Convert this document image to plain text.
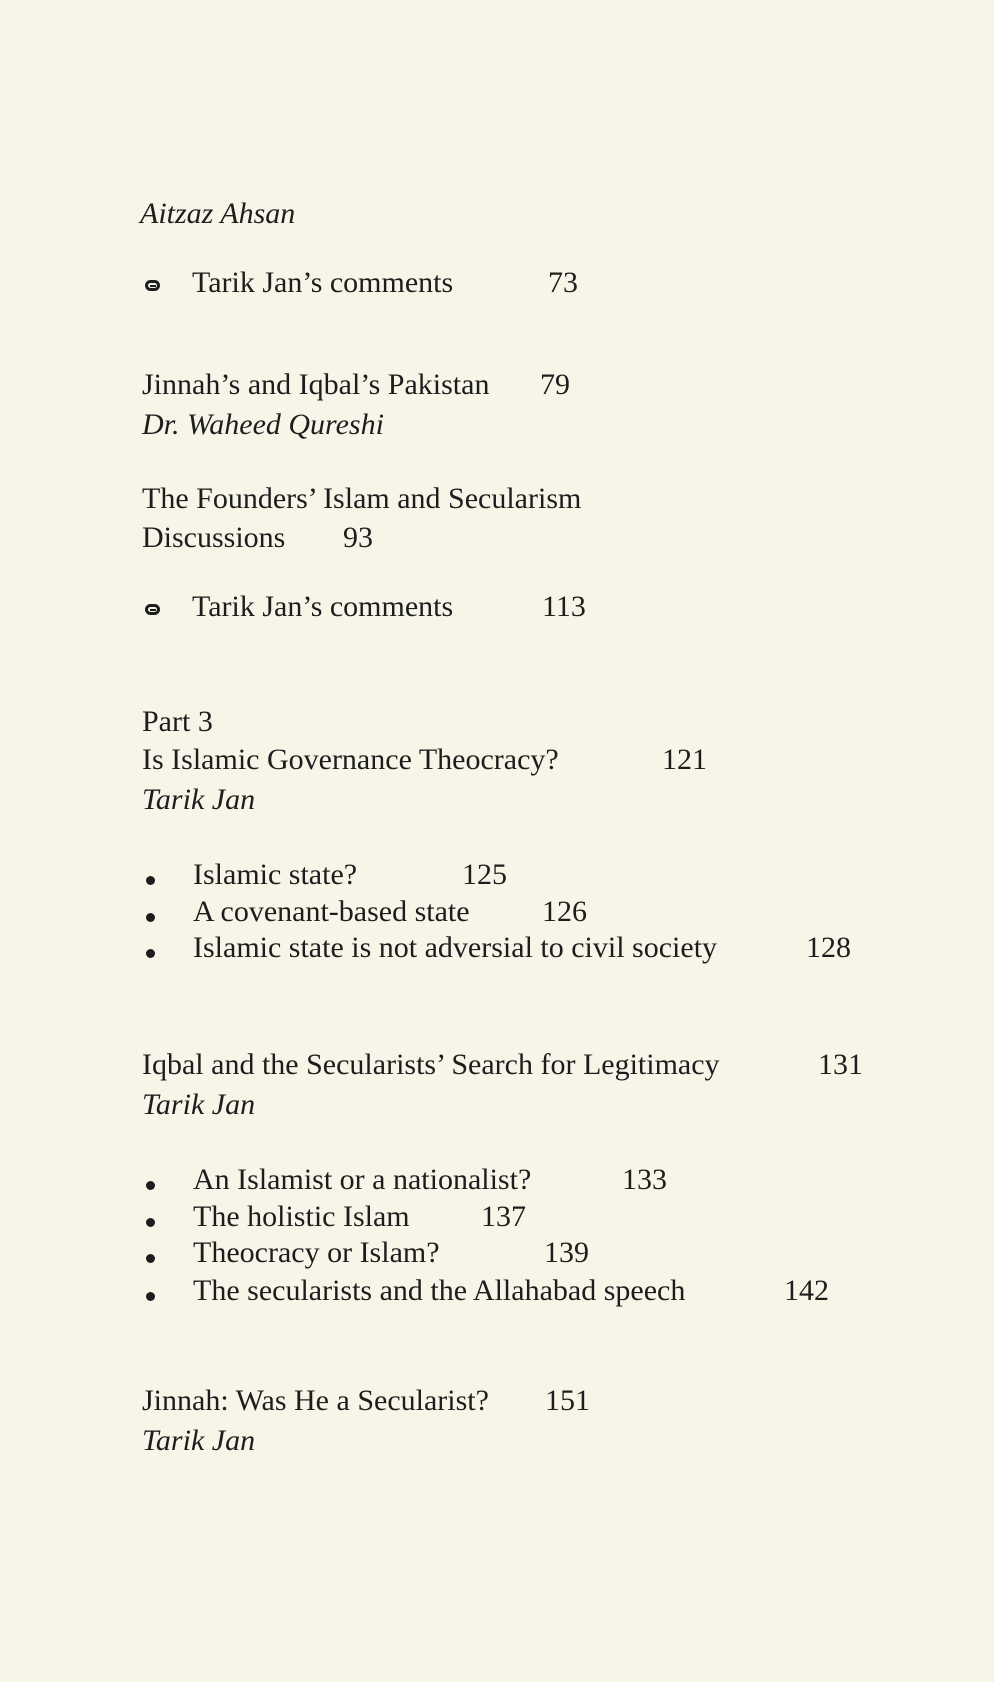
Aitzaz Ahsan
Tarik Jan’s comments	73
Jinnah’s and Iqbal’s Pakistan 79
Dr. Waheed Qureshi
The Founders’ Islam and Secularism
Discussions 93
Tarik Jan’s comments	113
Part 3
Is Islamic Governance Theocracy?	121
Tarik Jan
Islamic state?	125
A covenant-based state 126
Islamic state is not adversial to civil society	128
Iqbal and the Secularists’ Search for Legitimacy	131
Tarik Jan
An Islamist or a nationalist?	133
The holistic Islam 137
Theocracy or Islam?	139
The secularists and the Allahabad speech	142
Jinnah: Was He a Secularist? 151
Tarik Jan
